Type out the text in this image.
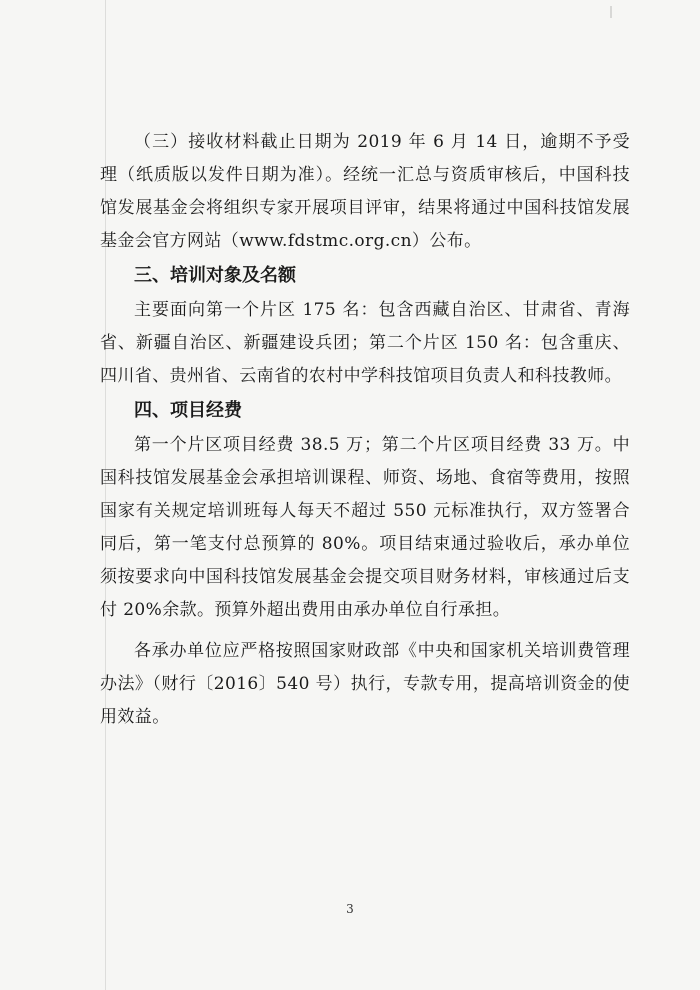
（三）接收材料截止日期为 2019 年 6 月 14 日，逾期不予受理（纸质版以发件日期为准）。经统一汇总与资质审核后，中国科技馆发展基金会将组织专家开展项目评审，结果将通过中国科技馆发展基金会官方网站（www.fdstmc.org.cn）公布。

三、培训对象及名额

主要面向第一个片区 175 名：包含西藏自治区、甘肃省、青海省、新疆自治区、新疆建设兵团；第二个片区 150 名：包含重庆、四川省、贵州省、云南省的农村中学科技馆项目负责人和科技教师。

四、项目经费

第一个片区项目经费 38.5 万；第二个片区项目经费 33 万。中国科技馆发展基金会承担培训课程、师资、场地、食宿等费用，按照国家有关规定培训班每人每天不超过 550 元标准执行，双方签署合同后，第一笔支付总预算的 80%。项目结束通过验收后，承办单位须按要求向中国科技馆发展基金会提交项目财务材料，审核通过后支付 20%余款。预算外超出费用由承办单位自行承担。

各承办单位应严格按照国家财政部《中央和国家机关培训费管理办法》（财行〔2016〕540 号）执行，专款专用，提高培训资金的使用效益。

3
